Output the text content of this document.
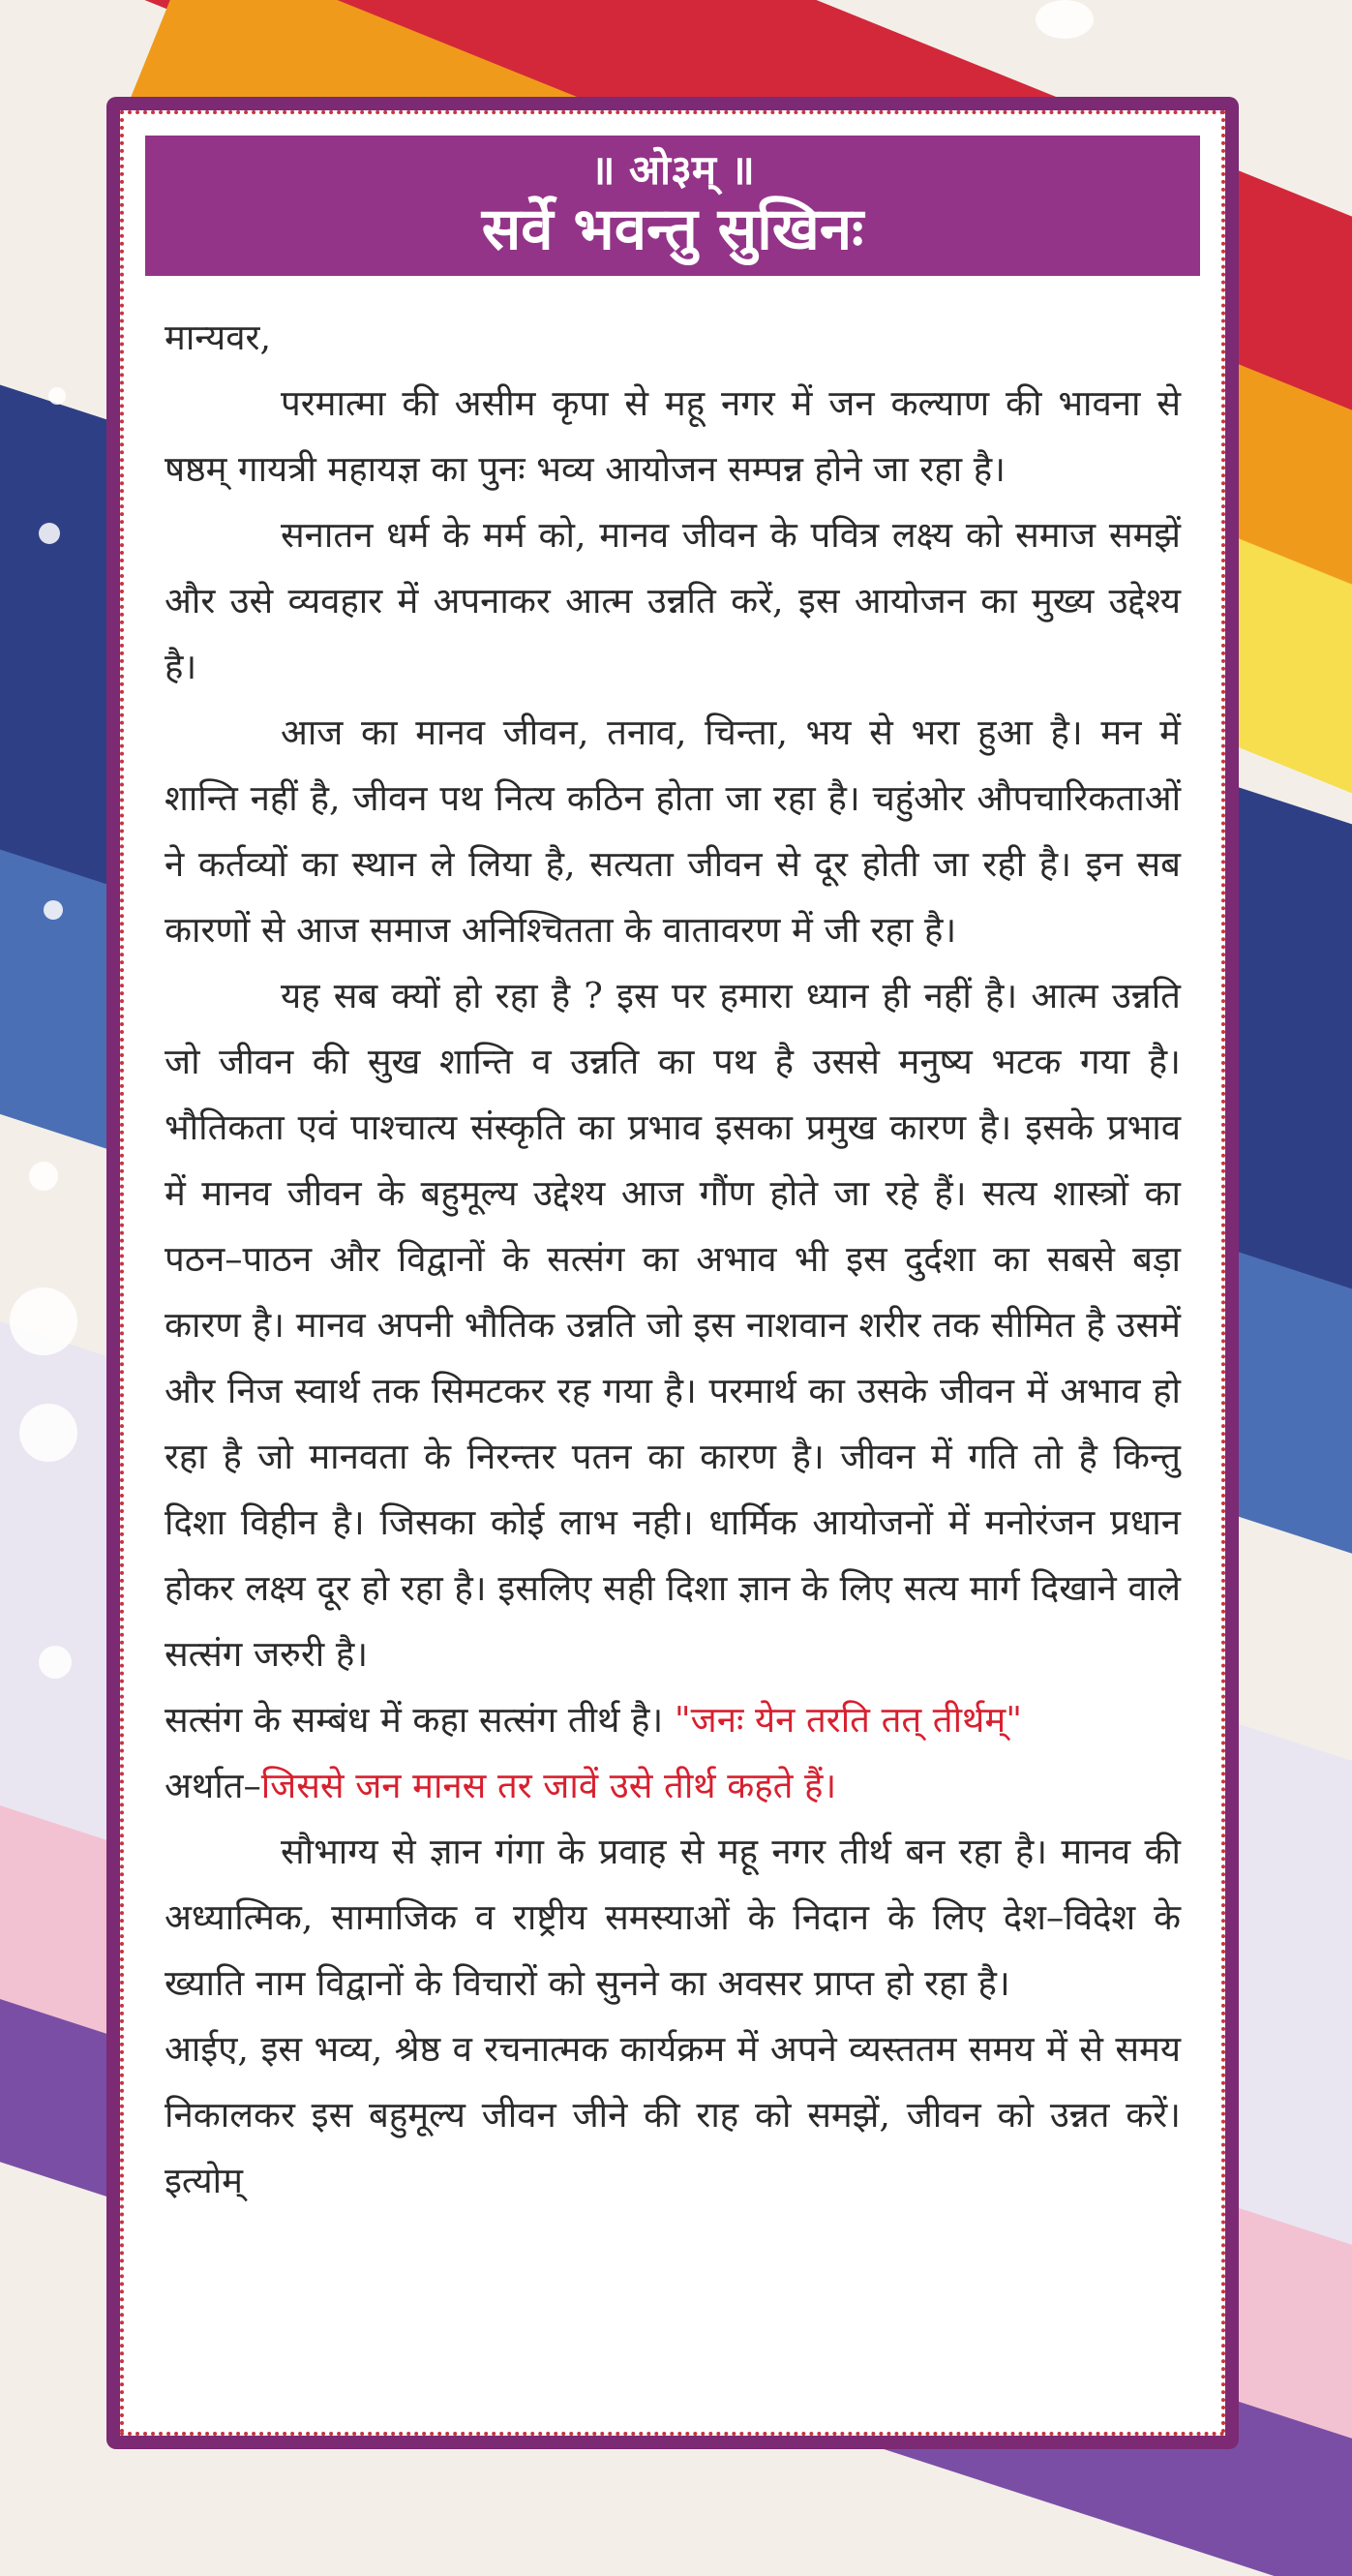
॥ ओ३म् ॥
सर्वे भवन्तु सुखिनः

मान्यवर,

परमात्मा की असीम कृपा से महू नगर में जन कल्याण की भावना से षष्ठम् गायत्री महायज्ञ का पुनः भव्य आयोजन सम्पन्न होने जा रहा है।

सनातन धर्म के मर्म को, मानव जीवन के पवित्र लक्ष्य को समाज समझें और उसे व्यवहार में अपनाकर आत्म उन्नति करें, इस आयोजन का मुख्य उद्देश्य है।

आज का मानव जीवन, तनाव, चिन्ता, भय से भरा हुआ है। मन में शान्ति नहीं है, जीवन पथ नित्य कठिन होता जा रहा है। चहुंओर औपचारिकताओं ने कर्तव्यों का स्थान ले लिया है, सत्यता जीवन से दूर होती जा रही है। इन सब कारणों से आज समाज अनिश्चितता के वातावरण में जी रहा है।

यह सब क्यों हो रहा है ? इस पर हमारा ध्यान ही नहीं है। आत्म उन्नति जो जीवन की सुख शान्ति व उन्नति का पथ है उससे मनुष्य भटक गया है। भौतिकता एवं पाश्चात्य संस्कृति का प्रभाव इसका प्रमुख कारण है। इसके प्रभाव में मानव जीवन के बहुमूल्य उद्देश्य आज गौंण होते जा रहे हैं। सत्य शास्त्रों का पठन–पाठन और विद्वानों के सत्संग का अभाव भी इस दुर्दशा का सबसे बड़ा कारण है। मानव अपनी भौतिक उन्नति जो इस नाशवान शरीर तक सीमित है उसमें और निज स्वार्थ तक सिमटकर रह गया है। परमार्थ का उसके जीवन में अभाव हो रहा है जो मानवता के निरन्तर पतन का कारण है। जीवन में गति तो है किन्तु दिशा विहीन है। जिसका कोई लाभ नही। धार्मिक आयोजनों में मनोरंजन प्रधान होकर लक्ष्य दूर हो रहा है। इसलिए सही दिशा ज्ञान के लिए सत्य मार्ग दिखाने वाले सत्संग जरुरी है।

सत्संग के सम्बंध में कहा सत्संग तीर्थ है। "जनः येन तरति तत् तीर्थम्"

अर्थात–जिससे जन मानस तर जावें उसे तीर्थ कहते हैं।

सौभाग्य से ज्ञान गंगा के प्रवाह से महू नगर तीर्थ बन रहा है। मानव की अध्यात्मिक, सामाजिक व राष्ट्रीय समस्याओं के निदान के लिए देश–विदेश के ख्याति नाम विद्वानों के विचारों को सुनने का अवसर प्राप्त हो रहा है।

आईए, इस भव्य, श्रेष्ठ व रचनात्मक कार्यक्रम में अपने व्यस्ततम समय में से समय निकालकर इस बहुमूल्य जीवन जीने की राह को समझें, जीवन को उन्नत करें। इत्योम्
